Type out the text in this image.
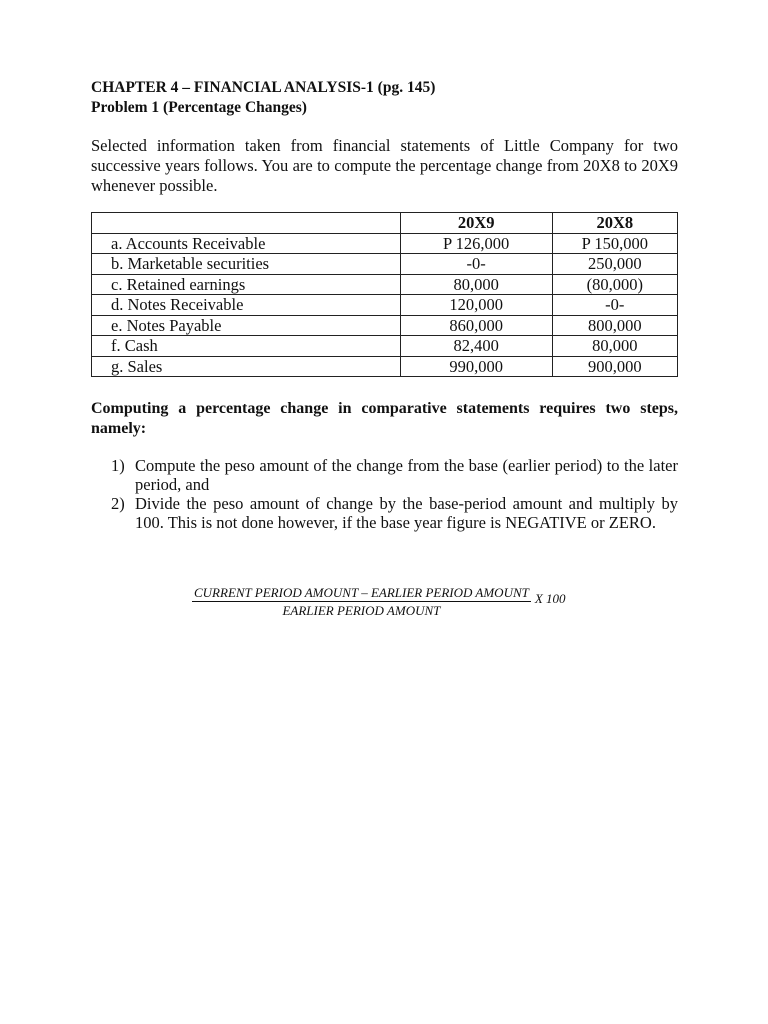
CHAPTER 4 – FINANCIAL ANALYSIS-1 (pg. 145)

Problem 1 (Percentage Changes)

Selected information taken from financial statements of Little Company for two successive years follows. You are to compute the percentage change from 20X8 to 20X9 whenever possible.
	20X9	20X8
a. Accounts Receivable	P 126,000	P 150,000
b. Marketable securities	-0-	250,000
c. Retained earnings	80,000	(80,000)
d. Notes Receivable	120,000	-0-
e. Notes Payable	860,000	800,000
f. Cash	82,400	80,000
g. Sales	990,000	900,000
Computing a percentage change in comparative statements requires two steps, namely:
1) Compute the peso amount of the change from the base (earlier period) to the later period, and
2) Divide the peso amount of change by the base-period amount and multiply by 100. This is not done however, if the base year figure is NEGATIVE or ZERO.
$\frac{\text{CURRENT PERIOD AMOUNT – EARLIER PERIOD AMOUNT}}{\text{EARLIER PERIOD AMOUNT}}$ X 100
